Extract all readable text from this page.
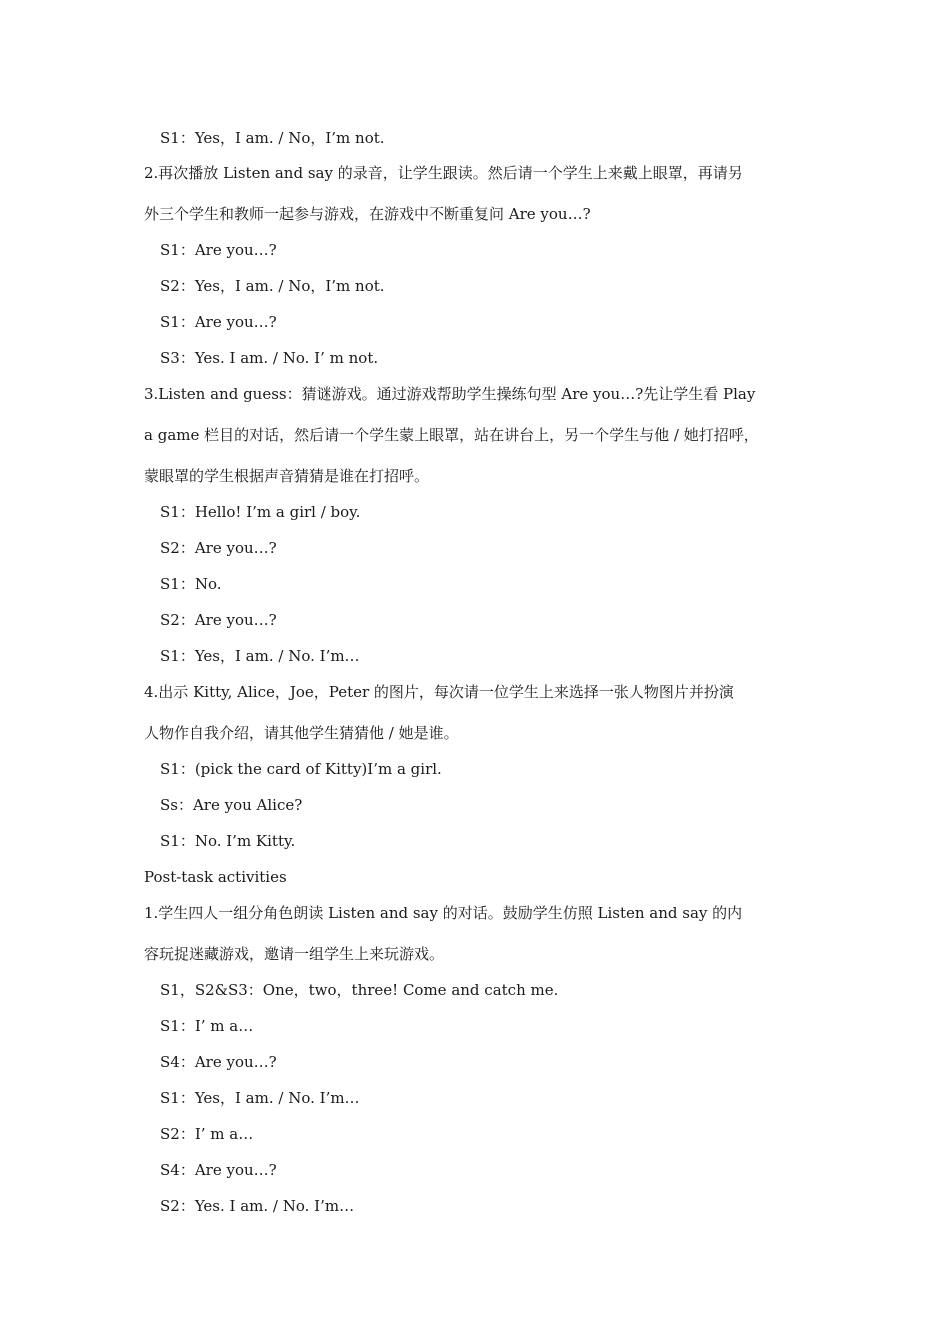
S1：Yes，I am. / No，I’m not.
2.再次播放 Listen and say 的录音，让学生跟读。然后请一个学生上来戴上眼罩，再请另
外三个学生和教师一起参与游戏，在游戏中不断重复问 Are you…?
S1：Are you…?
S2：Yes，I am. / No，I’m not.
S1：Are you…?
S3：Yes. I am. / No. I’ m not.
3.Listen and guess：猜谜游戏。通过游戏帮助学生操练句型 Are you…?先让学生看 Play
a game 栏目的对话，然后请一个学生蒙上眼罩，站在讲台上，另一个学生与他 / 她打招呼，
蒙眼罩的学生根据声音猜猜是谁在打招呼。
S1：Hello! I’m a girl / boy.
S2：Are you…?
S1：No.
S2：Are you…?
S1：Yes，I am. / No. I’m…
4.出示 Kitty, Alice，Joe，Peter 的图片，每次请一位学生上来选择一张人物图片并扮演
人物作自我介绍，请其他学生猜猜他 / 她是谁。
S1：(pick the card of Kitty)I’m a girl.
Ss：Are you Alice?
S1：No. I’m Kitty.
Post-task activities
1.学生四人一组分角色朗读 Listen and say 的对话。鼓励学生仿照 Listen and say 的内
容玩捉迷藏游戏，邀请一组学生上来玩游戏。
S1，S2&S3：One，two，three! Come and catch me.
S1：I’ m a…
S4：Are you…?
S1：Yes，I am. / No. I’m…
S2：I’ m a…
S4：Are you…?
S2：Yes. I am. / No. I’m…
